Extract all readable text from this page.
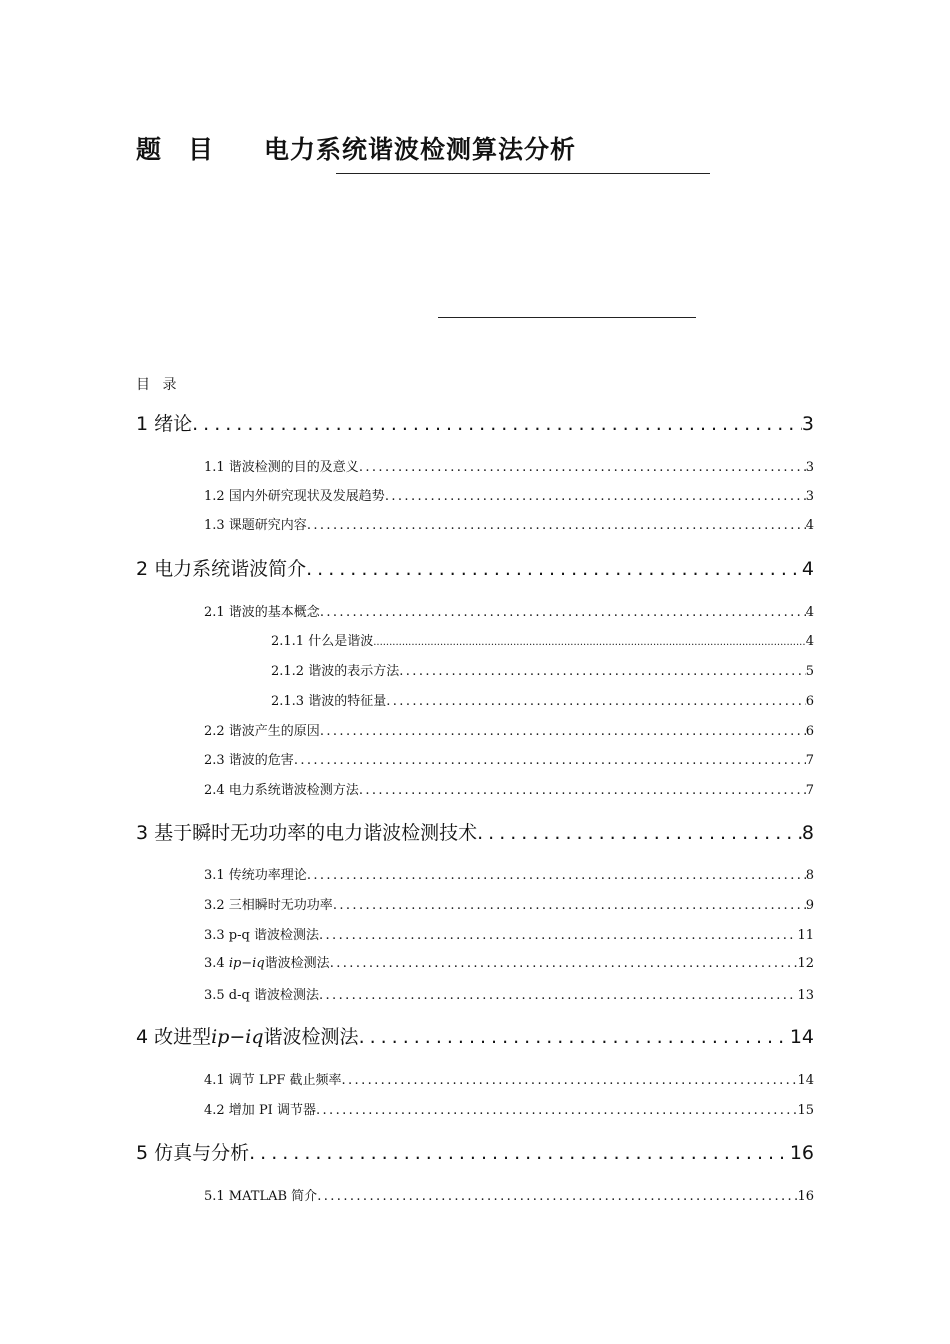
题　目 电力系统谐波检测算法分析
目 录
1 绪论 .....	3
1.1 谐波检测的目的及意义 .....	3
1.2 国内外研究现状及发展趋势 .....	3
1.3 课题研究内容 .....	4
2 电力系统谐波简介 .....	4
2.1 谐波的基本概念 .....	4
2.1.1 什么是谐波 .....	4
2.1.2 谐波的表示方法 .....	5
2.1.3 谐波的特征量 .....	6
2.2 谐波产生的原因 .....	6
2.3 谐波的危害 .....	7
2.4 电力系统谐波检测方法 .....	7
3 基于瞬时无功功率的电力谐波检测技术 .....	8
3.1 传统功率理论 .....	8
3.2 三相瞬时无功功率 .....	9
3.3 p-q 谐波检测法 .....	11
3.4 ip−iq谐波检测法 .....	12
3.5 d-q 谐波检测法 .....	13
4 改进型ip−iq谐波检测法 .....	14
4.1 调节 LPF 截止频率 .....	14
4.2 增加 PI 调节器 .....	15
5 仿真与分析 .....	16
5.1 MATLAB 简介 .....	16
